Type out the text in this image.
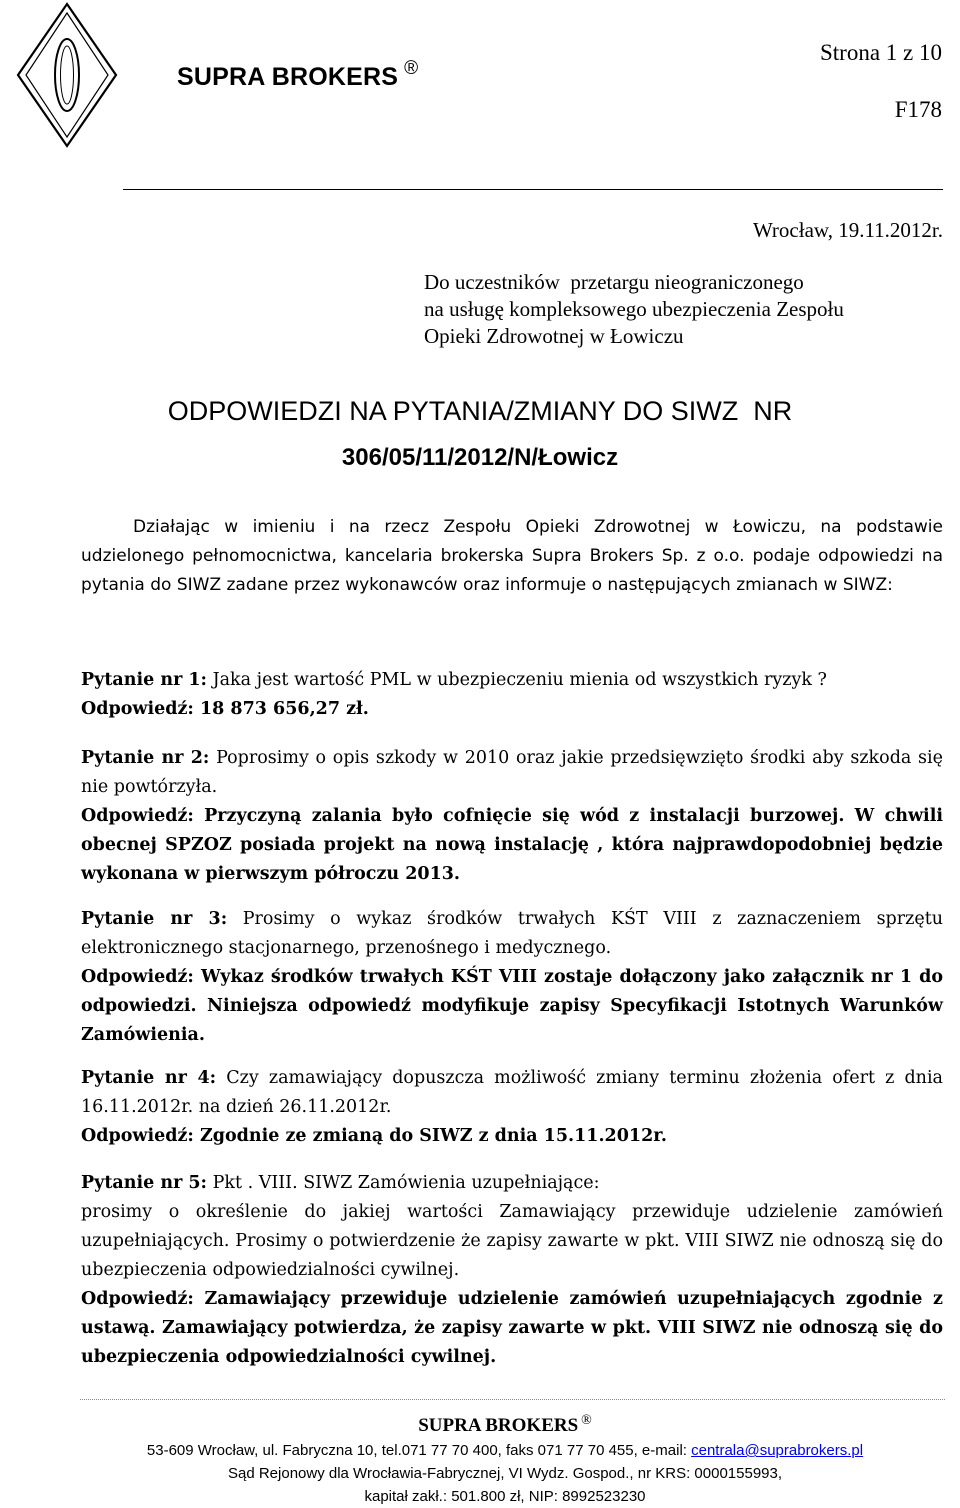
SUPRA BROKERS ®
Strona 1 z 10
F178
Wrocław, 19.11.2012r.
Do uczestników  przetargu nieograniczonego
na usługę kompleksowego ubezpieczenia Zespołu
Opieki Zdrowotnej w Łowiczu
ODPOWIEDZI NA PYTANIA/ZMIANY DO SIWZ  NR
306/05/11/2012/N/Łowicz
Działając w imieniu i na rzecz Zespołu Opieki Zdrowotnej w Łowiczu, na podstawie udzielonego pełnomocnictwa, kancelaria brokerska Supra Brokers Sp. z o.o. podaje odpowiedzi na pytania do SIWZ zadane przez wykonawców oraz informuje o następujących zmianach w SIWZ:

Pytanie nr 1: Jaka jest wartość PML w ubezpieczeniu mienia od wszystkich ryzyk ?

Odpowiedź: 18 873 656,27 zł.

Pytanie nr 2: Poprosimy o opis szkody w 2010 oraz jakie przedsięwzięto środki aby szkoda się nie powtórzyła.

Odpowiedź: Przyczyną zalania było cofnięcie się wód z instalacji burzowej. W chwili obecnej SPZOZ posiada projekt na nową instalację , która najprawdopodobniej będzie wykonana w pierwszym półroczu 2013.

Pytanie nr 3: Prosimy o wykaz środków trwałych KŚT VIII z zaznaczeniem sprzętu elektronicznego stacjonarnego, przenośnego i medycznego.

Odpowiedź: Wykaz środków trwałych KŚT VIII zostaje dołączony jako załącznik nr 1 do odpowiedzi. Niniejsza odpowiedź modyfikuje zapisy Specyfikacji Istotnych Warunków Zamówienia.

Pytanie nr 4: Czy zamawiający dopuszcza możliwość zmiany terminu złożenia ofert z dnia 16.11.2012r. na dzień 26.11.2012r.

Odpowiedź: Zgodnie ze zmianą do SIWZ z dnia 15.11.2012r.

Pytanie nr 5: Pkt . VIII. SIWZ Zamówienia uzupełniające:

prosimy o określenie do jakiej wartości Zamawiający przewiduje udzielenie zamówień uzupełniających. Prosimy o potwierdzenie że zapisy zawarte w pkt. VIII SIWZ nie odnoszą się do ubezpieczenia odpowiedzialności cywilnej.

Odpowiedź: Zamawiający przewiduje udzielenie zamówień uzupełniających zgodnie z ustawą. Zamawiający potwierdza, że zapisy zawarte w pkt. VIII SIWZ nie odnoszą się do ubezpieczenia odpowiedzialności cywilnej.

SUPRA BROKERS ®
53-609 Wrocław, ul. Fabryczna 10, tel.071 77 70 400, faks 071 77 70 455, e-mail: centrala@suprabrokers.pl
Sąd Rejonowy dla Wrocławia-Fabrycznej, VI Wydz. Gospod., nr KRS: 0000155993,
kapitał zakł.: 501.800 zł, NIP: 8992523230
